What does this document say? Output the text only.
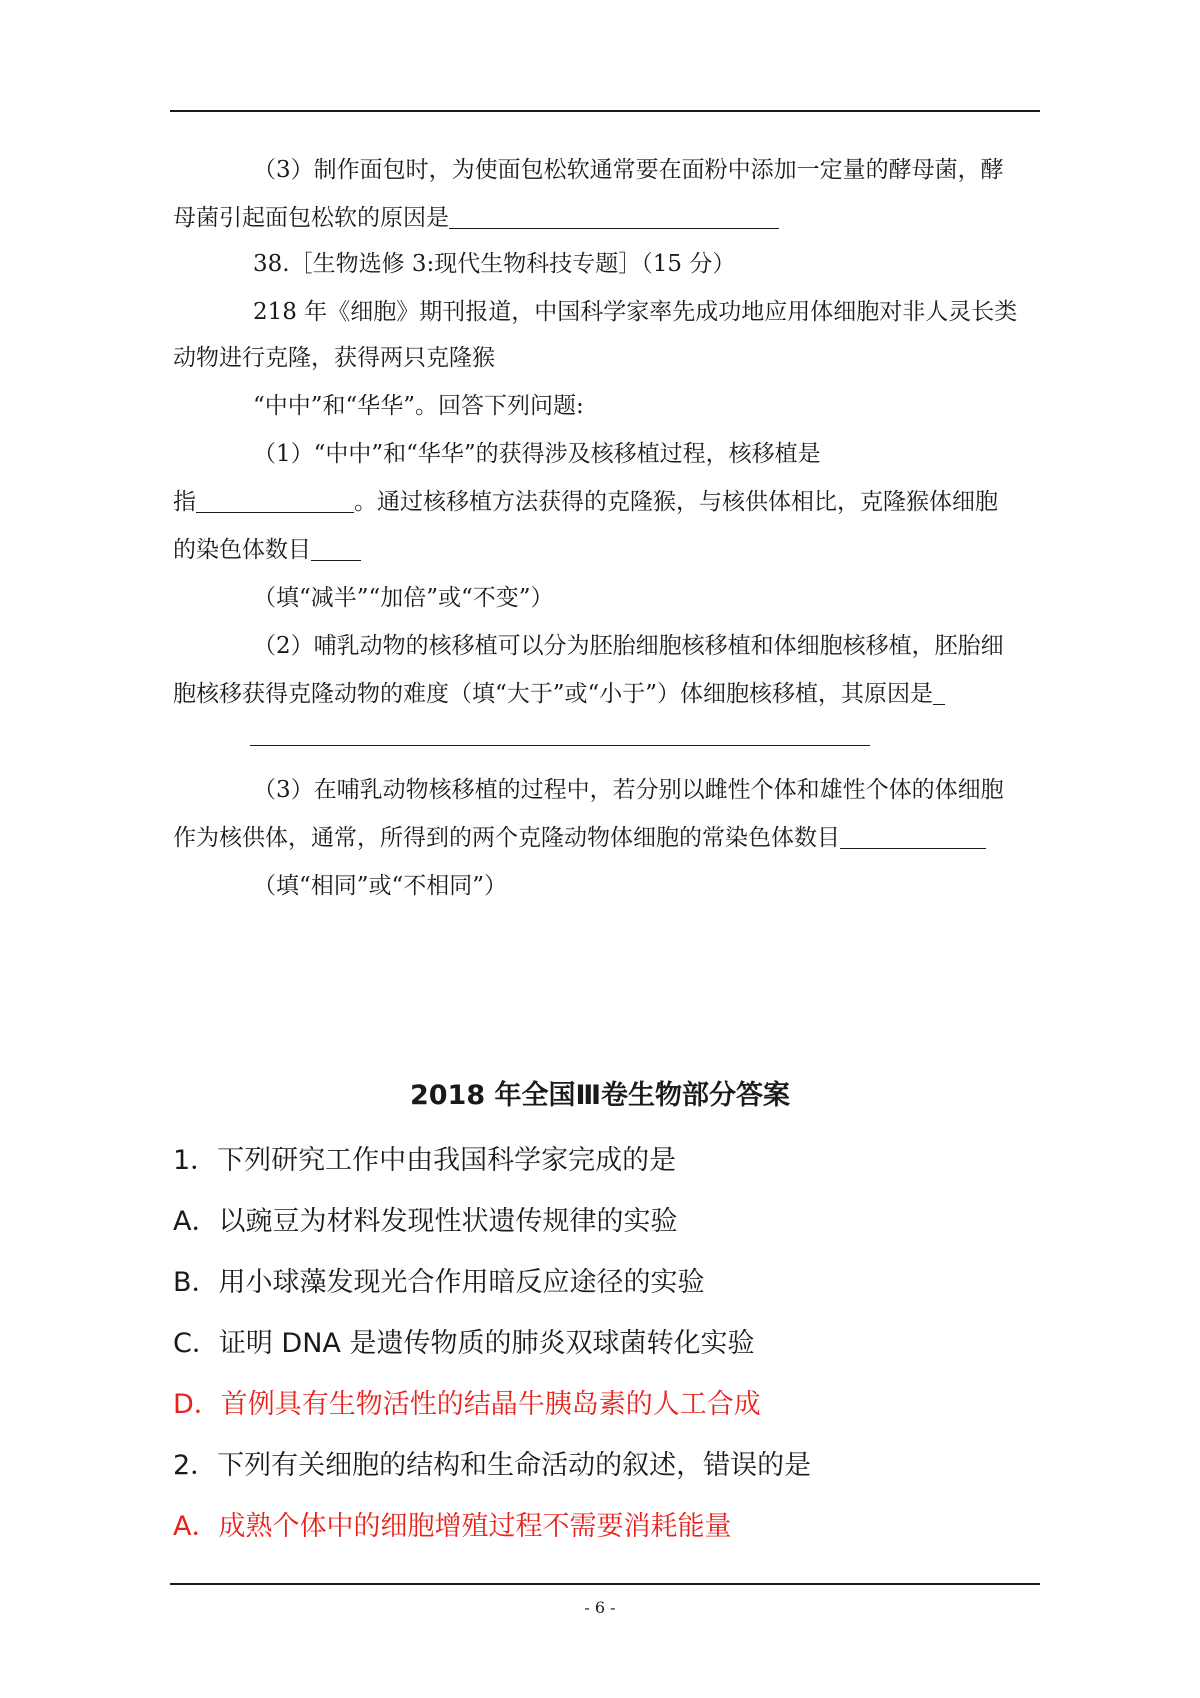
（3）制作面包时，为使面包松软通常要在面粉中添加一定量的酵母菌，酵
母菌引起面包松软的原因是
38.［生物选修 3:现代生物科技专题］（15 分）
218 年《细胞》期刊报道，中国科学家率先成功地应用体细胞对非人灵长类
动物进行克隆，获得两只克隆猴
“中中”和“华华”。回答下列问题:
（1）“中中”和“华华”的获得涉及核移植过程，核移植是
指	。通过核移植方法获得的克隆猴，与核供体相比，克隆猴体细胞
的染色体数目
（填“减半”“加倍”或“不变”）
（2）哺乳动物的核移植可以分为胚胎细胞核移植和体细胞核移植，胚胎细
胞核移获得克隆动物的难度（填“大于”或“小于”）体细胞核移植，其原因是
（3）在哺乳动物核移植的过程中，若分别以雌性个体和雄性个体的体细胞
作为核供体，通常，所得到的两个克隆动物体细胞的常染色体数目
（填“相同”或“不相同”）
2018 年全国Ⅲ卷生物部分答案
1．下列研究工作中由我国科学家完成的是
A．以豌豆为材料发现性状遗传规律的实验
B．用小球藻发现光合作用暗反应途径的实验
C．证明 DNA 是遗传物质的肺炎双球菌转化实验
D．首例具有生物活性的结晶牛胰岛素的人工合成
2．下列有关细胞的结构和生命活动的叙述，错误的是
A．成熟个体中的细胞增殖过程不需要消耗能量
- 6 -
